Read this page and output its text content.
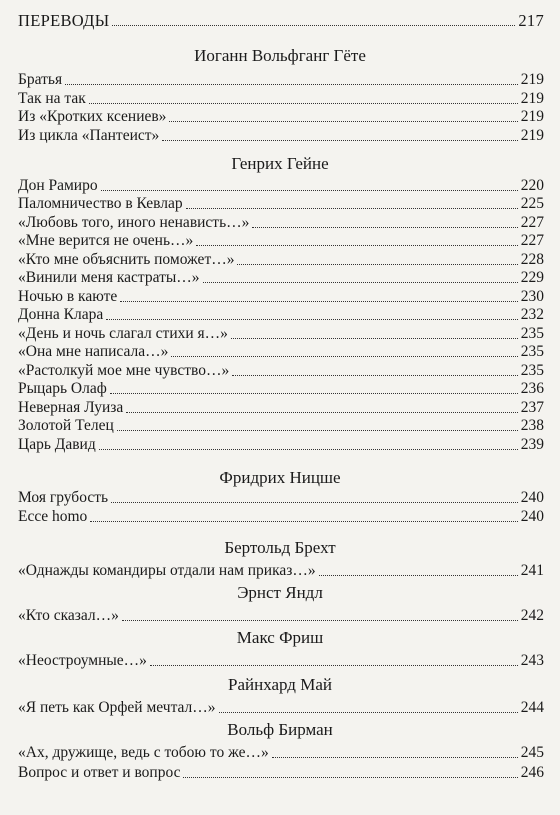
ПЕРЕВОДЫ	217
Иоганн Вольфганг Гёте
Братья	219
Так на так	219
Из «Кротких ксениев»	219
Из цикла «Пантеист»	219
Генрих Гейне
Дон Рамиро	220
Паломничество в Кевлар	225
«Любовь того, иного ненависть…»	227
«Мне верится не очень…»	227
«Кто мне объяснить поможет…»	228
«Винили меня кастраты…»	229
Ночью в каюте	230
Донна Клара	232
«День и ночь слагал стихи я…»	235
«Она мне написала…»	235
«Растолкуй мое мне чувство…»	235
Рыцарь Олаф	236
Неверная Луиза	237
Золотой Телец	238
Царь Давид	239
Фридрих Ницше
Моя грубость	240
Ecce homo	240
Бертольд Брехт
«Однажды командиры отдали нам приказ…»	241
Эрнст Яндл
«Кто сказал…»	242
Макс Фриш
«Неостроумные…»	243
Райнхард Май
«Я петь как Орфей мечтал…»	244
Вольф Бирман
«Ах, дружище, ведь с тобою то же…»	245
Вопрос и ответ и вопрос	246
